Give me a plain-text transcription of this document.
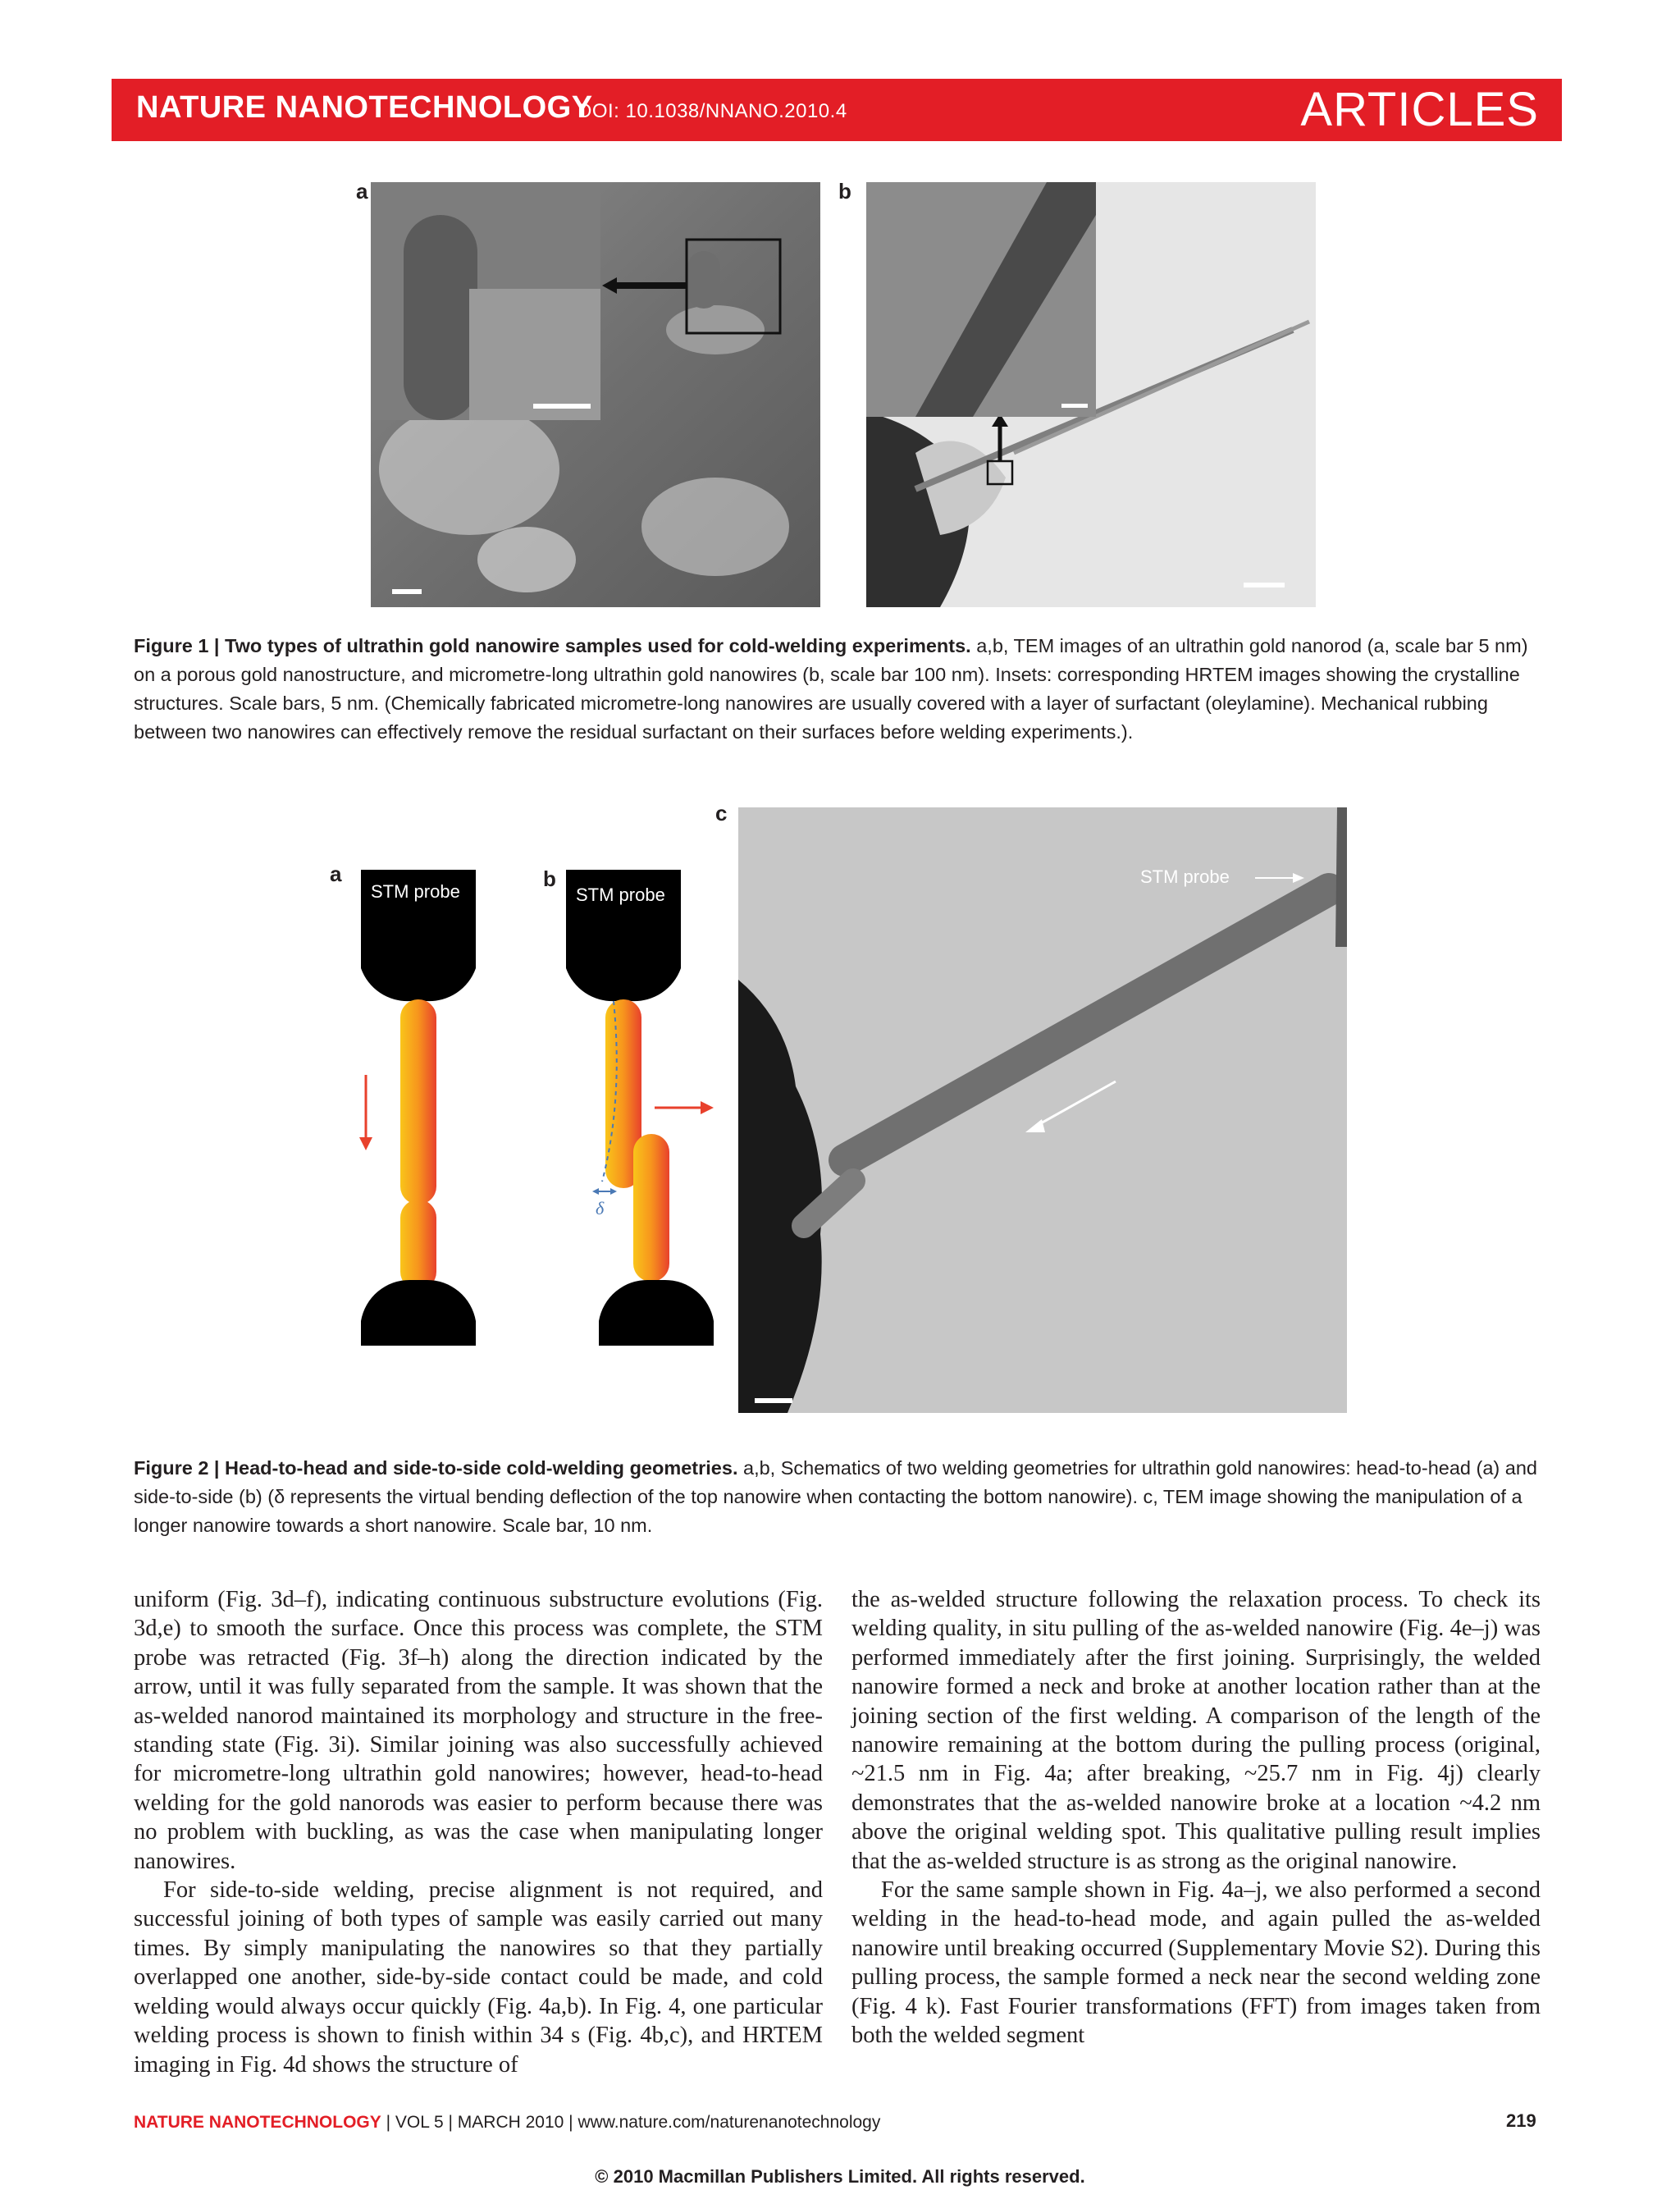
NATURE NANOTECHNOLOGY
DOI: 10.1038/NNANO.2010.4	ARTICLES
a	b
Figure 1 | Two types of ultrathin gold nanowire samples used for cold-welding experiments. a,b, TEM images of an ultrathin gold nanorod (a, scale bar 5 nm) on a porous gold nanostructure, and micrometre-long ultrathin gold nanowires (b, scale bar 100 nm). Insets: corresponding HRTEM images showing the crystalline structures. Scale bars, 5 nm. (Chemically fabricated micrometre-long nanowires are usually covered with a layer of surfactant (oleylamine). Mechanical rubbing between two nanowires can effectively remove the residual surfactant on their surfaces before welding experiments.).
a	b
c
STM probe	STM probe
δ
STM probe
Figure 2 | Head-to-head and side-to-side cold-welding geometries. a,b, Schematics of two welding geometries for ultrathin gold nanowires: head-to-head (a) and side-to-side (b) (δ represents the virtual bending deflection of the top nanowire when contacting the bottom nanowire). c, TEM image showing the manipulation of a longer nanowire towards a short nanowire. Scale bar, 10 nm.

uniform (Fig. 3d–f), indicating continuous substructure evolutions (Fig. 3d,e) to smooth the surface. Once this process was complete, the STM probe was retracted (Fig. 3f–h) along the direction indicated by the arrow, until it was fully separated from the sample. It was shown that the as-welded nanorod maintained its morphology and structure in the free-standing state (Fig. 3i). Similar joining was also successfully achieved for micrometre-long ultrathin gold nanowires; however, head-to-head welding for the gold nanorods was easier to perform because there was no problem with buckling, as was the case when manipulating longer nanowires.

For side-to-side welding, precise alignment is not required, and successful joining of both types of sample was easily carried out many times. By simply manipulating the nanowires so that they partially overlapped one another, side-by-side contact could be made, and cold welding would always occur quickly (Fig. 4a,b). In Fig. 4, one particular welding process is shown to finish within 34 s (Fig. 4b,c), and HRTEM imaging in Fig. 4d shows the structure of

the as-welded structure following the relaxation process. To check its welding quality, in situ pulling of the as-welded nanowire (Fig. 4e–j) was performed immediately after the first joining. Surprisingly, the welded nanowire formed a neck and broke at another location rather than at the joining section of the first welding. A comparison of the length of the nanowire remaining at the bottom during the pulling process (original, ~21.5 nm in Fig. 4a; after breaking, ~25.7 nm in Fig. 4j) clearly demonstrates that the as-welded nanowire broke at a location ~4.2 nm above the original welding spot. This qualitative pulling result implies that the as-welded structure is as strong as the original nanowire.

For the same sample shown in Fig. 4a–j, we also performed a second welding in the head-to-head mode, and again pulled the as-welded nanowire until breaking occurred (Supplementary Movie S2). During this pulling process, the sample formed a neck near the second welding zone (Fig. 4 k). Fast Fourier transformations (FFT) from images taken from both the welded segment

NATURE NANOTECHNOLOGY | VOL 5 | MARCH 2010 | www.nature.com/naturenanotechnology	219
© 2010 Macmillan Publishers Limited. All rights reserved.
